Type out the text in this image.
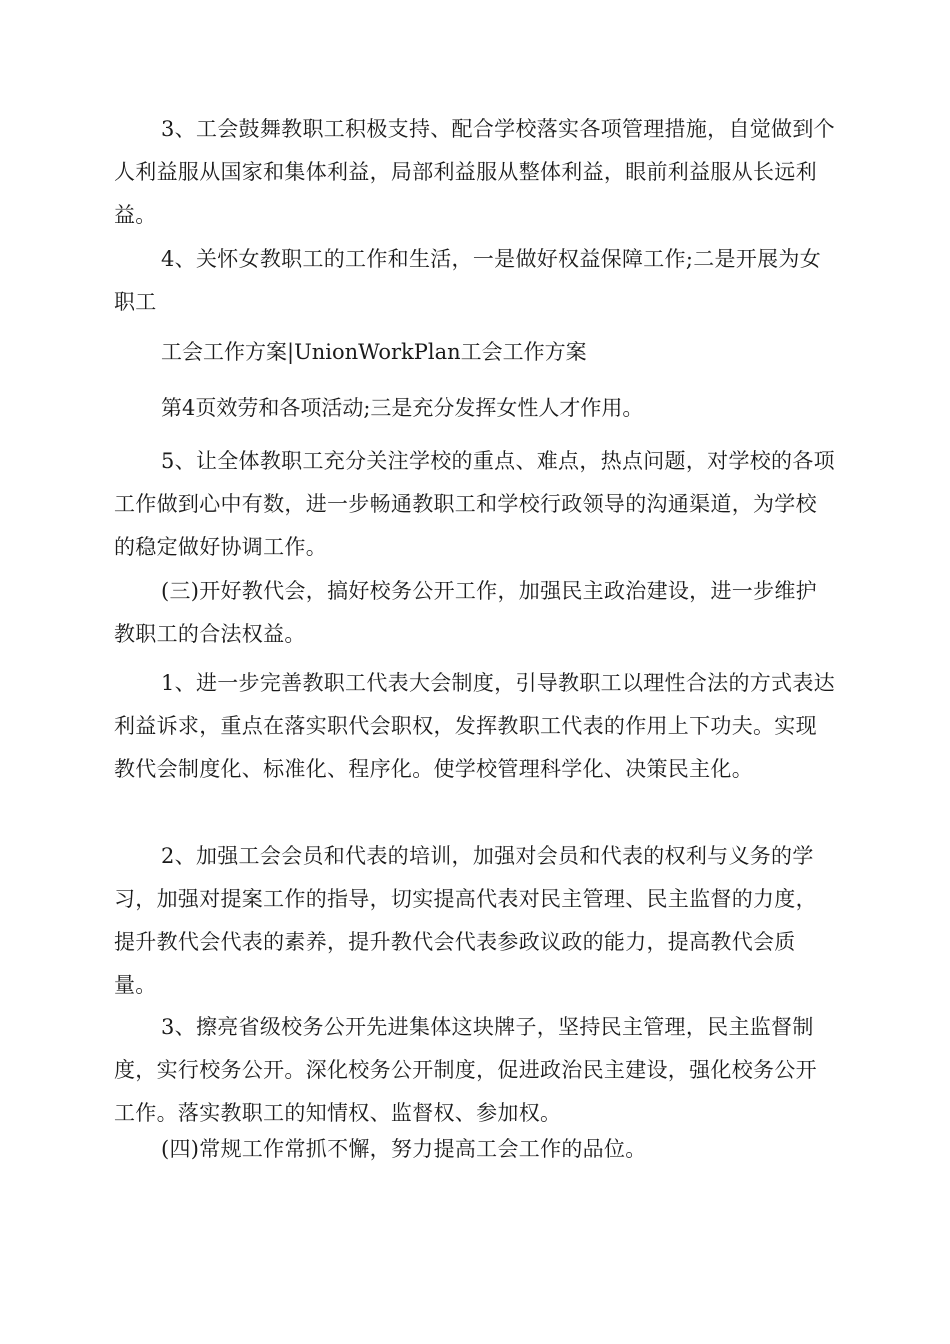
3、工会鼓舞教职工积极支持、配合学校落实各项管理措施，自觉做到个人利益服从国家和集体利益，局部利益服从整体利益，眼前利益服从长远利益。

4、关怀女教职工的工作和生活，一是做好权益保障工作;二是开展为女职工

工会工作方案|UnionWorkPlan工会工作方案

第4页效劳和各项活动;三是充分发挥女性人才作用。

5、让全体教职工充分关注学校的重点、难点，热点问题，对学校的各项工作做到心中有数，进一步畅通教职工和学校行政领导的沟通渠道，为学校的稳定做好协调工作。

(三)开好教代会，搞好校务公开工作，加强民主政治建设，进一步维护教职工的合法权益。

1、进一步完善教职工代表大会制度，引导教职工以理性合法的方式表达利益诉求，重点在落实职代会职权，发挥教职工代表的作用上下功夫。实现教代会制度化、标准化、程序化。使学校管理科学化、决策民主化。

2、加强工会会员和代表的培训，加强对会员和代表的权利与义务的学习，加强对提案工作的指导，切实提高代表对民主管理、民主监督的力度，提升教代会代表的素养，提升教代会代表参政议政的能力，提高教代会质量。

3、擦亮省级校务公开先进集体这块牌子，坚持民主管理，民主监督制度，实行校务公开。深化校务公开制度，促进政治民主建设，强化校务公开工作。落实教职工的知情权、监督权、参加权。

(四)常规工作常抓不懈，努力提高工会工作的品位。
